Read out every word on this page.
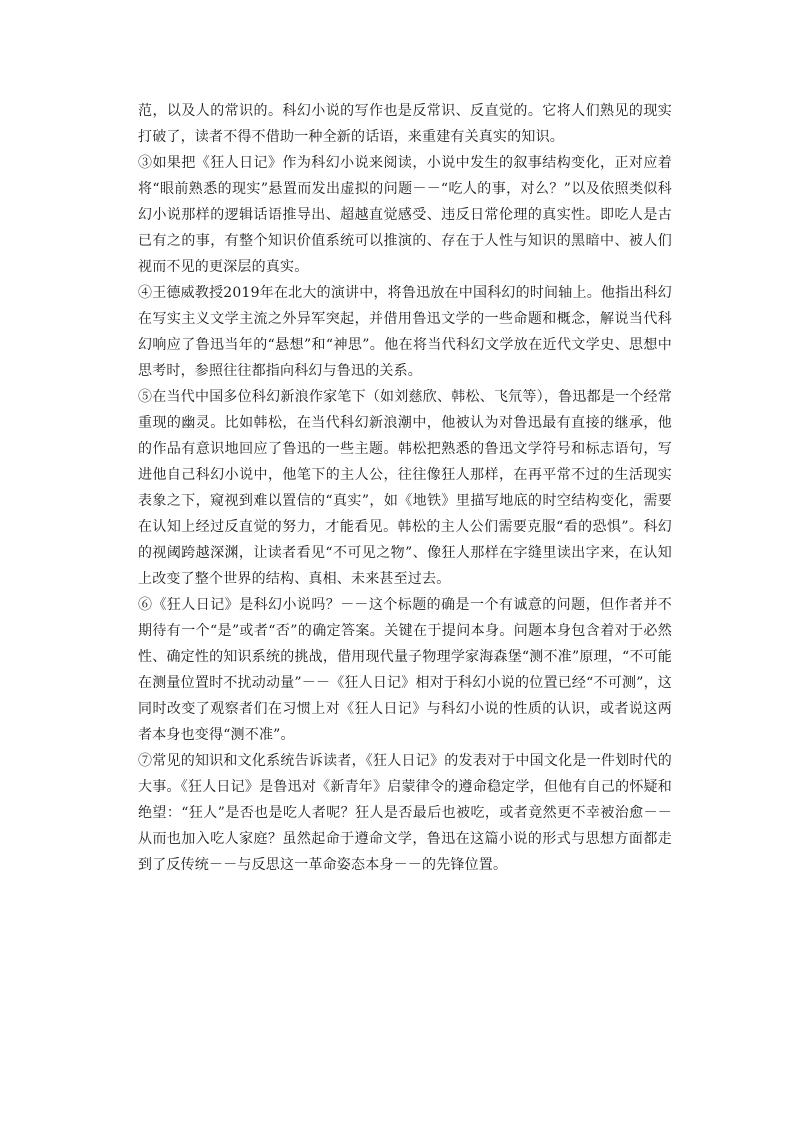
范，以及人的常识的。科幻小说的写作也是反常识、反直觉的。它将人们熟见的现实打破了，读者不得不借助一种全新的话语，来重建有关真实的知识。

③如果把《狂人日记》作为科幻小说来阅读，小说中发生的叙事结构变化，正对应着将“眼前熟悉的现实”悬置而发出虚拟的问题－－“吃人的事，对么？”以及依照类似科幻小说那样的逻辑话语推导出、超越直觉感受、违反日常伦理的真实性。即吃人是古已有之的事，有整个知识价值系统可以推演的、存在于人性与知识的黑暗中、被人们视而不见的更深层的真实。

④王德威教授2019年在北大的演讲中，将鲁迅放在中国科幻的时间轴上。他指出科幻在写实主义文学主流之外异军突起，并借用鲁迅文学的一些命题和概念，解说当代科幻响应了鲁迅当年的“悬想”和“神思”。他在将当代科幻文学放在近代文学史、思想中思考时，参照往往都指向科幻与鲁迅的关系。

⑤在当代中国多位科幻新浪作家笔下（如刘慈欣、韩松、飞氘等），鲁迅都是一个经常重现的幽灵。比如韩松，在当代科幻新浪潮中，他被认为对鲁迅最有直接的继承，他的作品有意识地回应了鲁迅的一些主题。韩松把熟悉的鲁迅文学符号和标志语句，写进他自己科幻小说中，他笔下的主人公，往往像狂人那样，在再平常不过的生活现实表象之下，窥视到难以置信的“真实”，如《地铁》里描写地底的时空结构变化，需要在认知上经过反直觉的努力，才能看见。韩松的主人公们需要克服“看的恐惧”。科幻的视阈跨越深渊，让读者看见“不可见之物”、像狂人那样在字缝里读出字来，在认知上改变了整个世界的结构、真相、未来甚至过去。

⑥《狂人日记》是科幻小说吗？－－这个标题的确是一个有诚意的问题，但作者并不期待有一个“是”或者“否”的确定答案。关键在于提问本身。问题本身包含着对于必然性、确定性的知识系统的挑战，借用现代量子物理学家海森堡“测不准”原理，“不可能在测量位置时不扰动动量”－－《狂人日记》相对于科幻小说的位置已经“不可测”，这同时改变了观察者们在习惯上对《狂人日记》与科幻小说的性质的认识，或者说这两者本身也变得“测不准”。

⑦常见的知识和文化系统告诉读者，《狂人日记》的发表对于中国文化是一件划时代的大事。《狂人日记》是鲁迅对《新青年》启蒙律令的遵命稳定学，但他有自己的怀疑和绝望：“狂人”是否也是吃人者呢？狂人是否最后也被吃，或者竟然更不幸被治愈－－从而也加入吃人家庭？虽然起命于遵命文学，鲁迅在这篇小说的形式与思想方面都走到了反传统－－与反思这一革命姿态本身－－的先锋位置。
